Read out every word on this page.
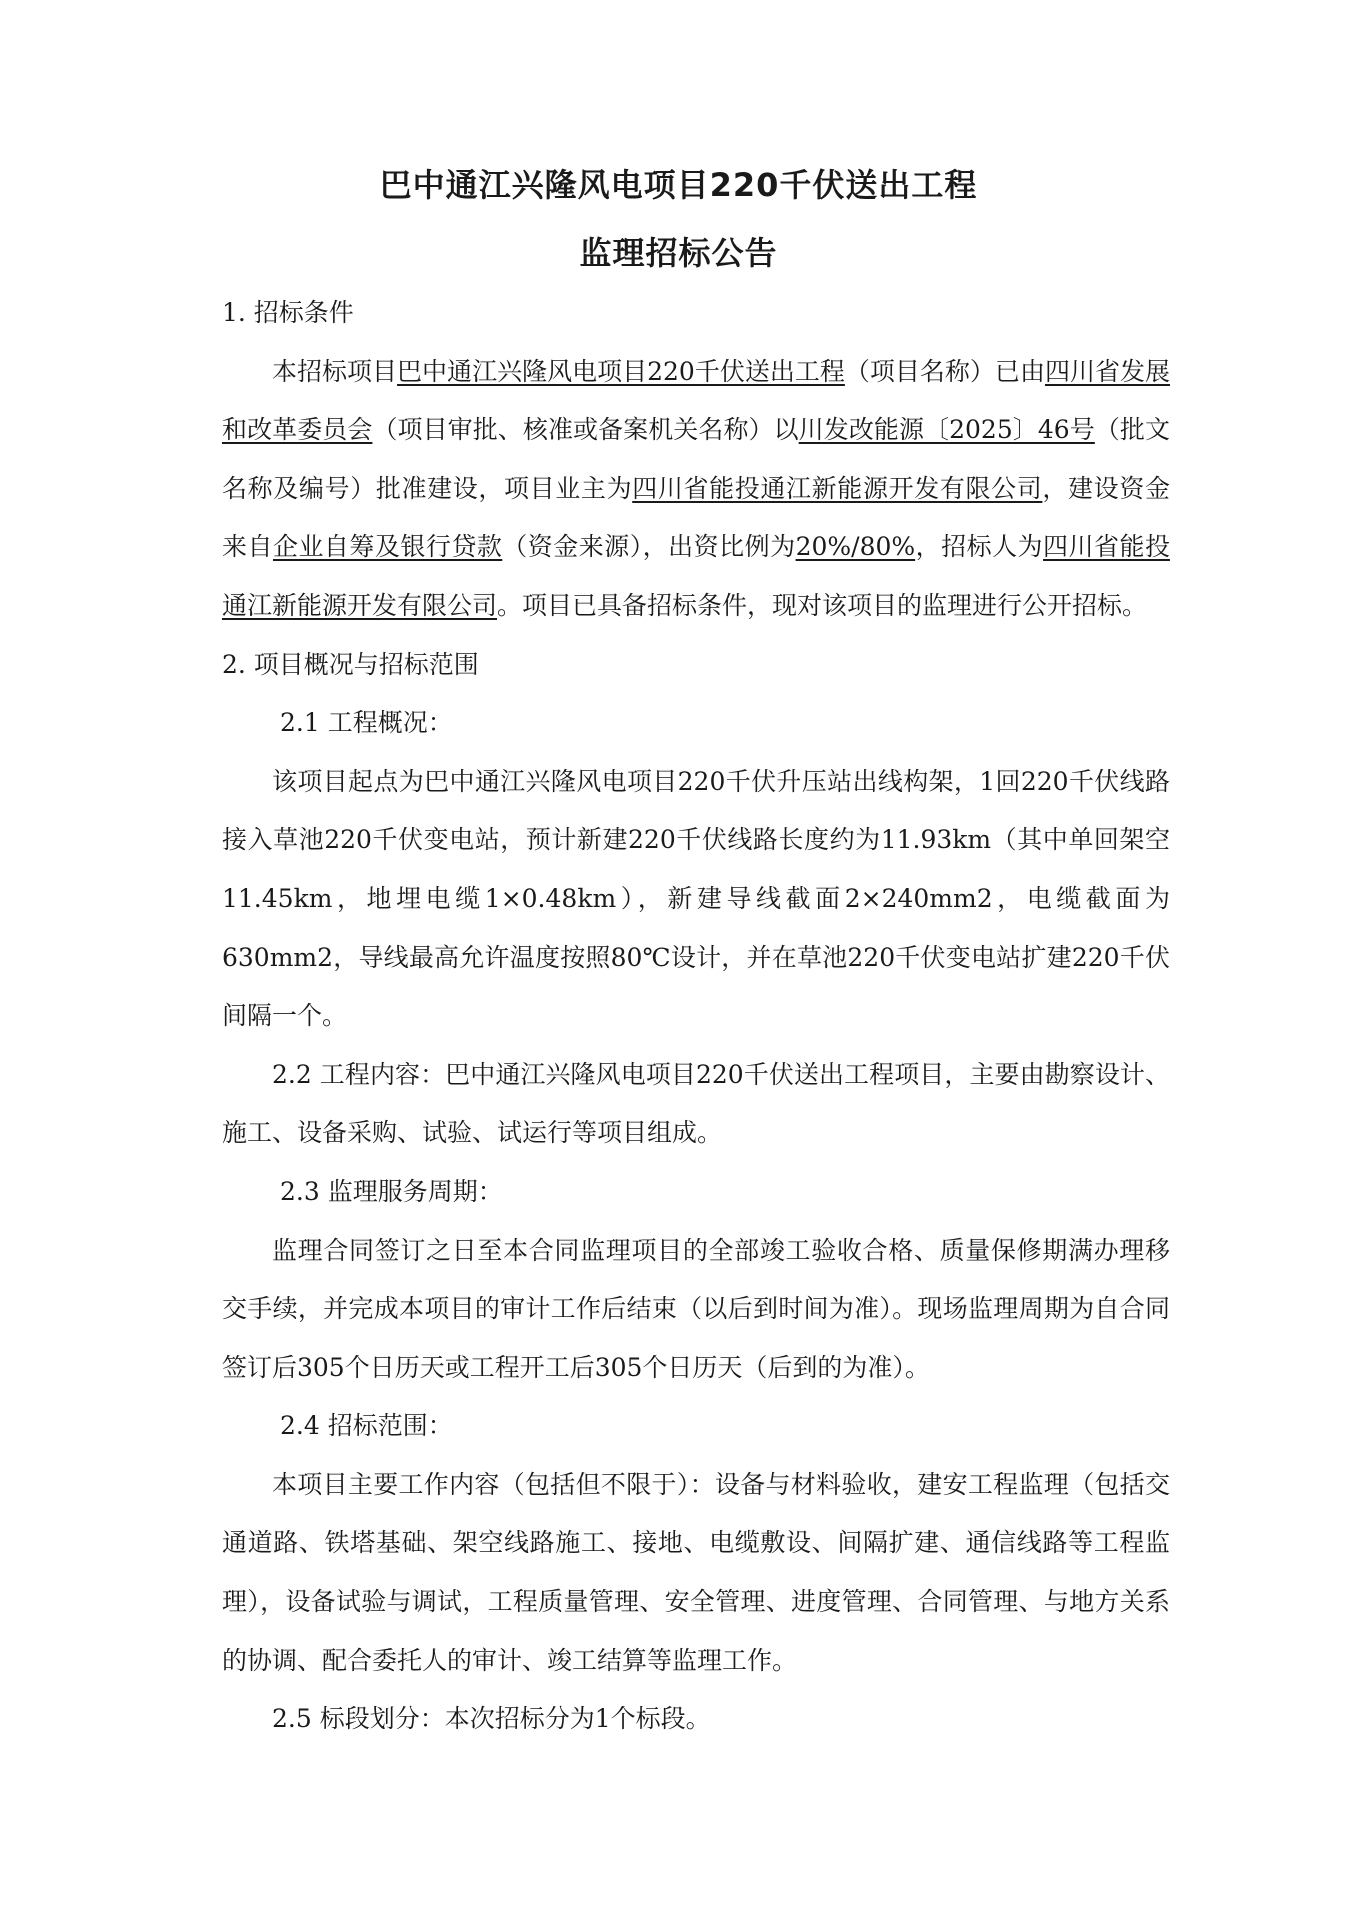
巴中通江兴隆风电项目220千伏送出工程
监理招标公告

1. 招标条件

本招标项目巴中通江兴隆风电项目220千伏送出工程（项目名称）已由四川省发展和改革委员会（项目审批、核准或备案机关名称）以川发改能源〔2025〕46号（批文名称及编号）批准建设，项目业主为四川省能投通江新能源开发有限公司，建设资金来自企业自筹及银行贷款（资金来源），出资比例为20%/80%，招标人为四川省能投通江新能源开发有限公司。项目已具备招标条件，现对该项目的监理进行公开招标。

2. 项目概况与招标范围

2.1 工程概况：

该项目起点为巴中通江兴隆风电项目220千伏升压站出线构架，1回220千伏线路接入草池220千伏变电站，预计新建220千伏线路长度约为11.93km（其中单回架空11.45km，地埋电缆1×0.48km），新建导线截面2×240mm2，电缆截面为630mm2，导线最高允许温度按照80℃设计，并在草池220千伏变电站扩建220千伏间隔一个。

2.2 工程内容：巴中通江兴隆风电项目220千伏送出工程项目，主要由勘察设计、施工、设备采购、试验、试运行等项目组成。

2.3 监理服务周期：

监理合同签订之日至本合同监理项目的全部竣工验收合格、质量保修期满办理移交手续，并完成本项目的审计工作后结束（以后到时间为准）。现场监理周期为自合同签订后305个日历天或工程开工后305个日历天（后到的为准）。

2.4 招标范围：

本项目主要工作内容（包括但不限于）：设备与材料验收，建安工程监理（包括交通道路、铁塔基础、架空线路施工、接地、电缆敷设、间隔扩建、通信线路等工程监理），设备试验与调试，工程质量管理、安全管理、进度管理、合同管理、与地方关系的协调、配合委托人的审计、竣工结算等监理工作。

2.5 标段划分：本次招标分为1个标段。
